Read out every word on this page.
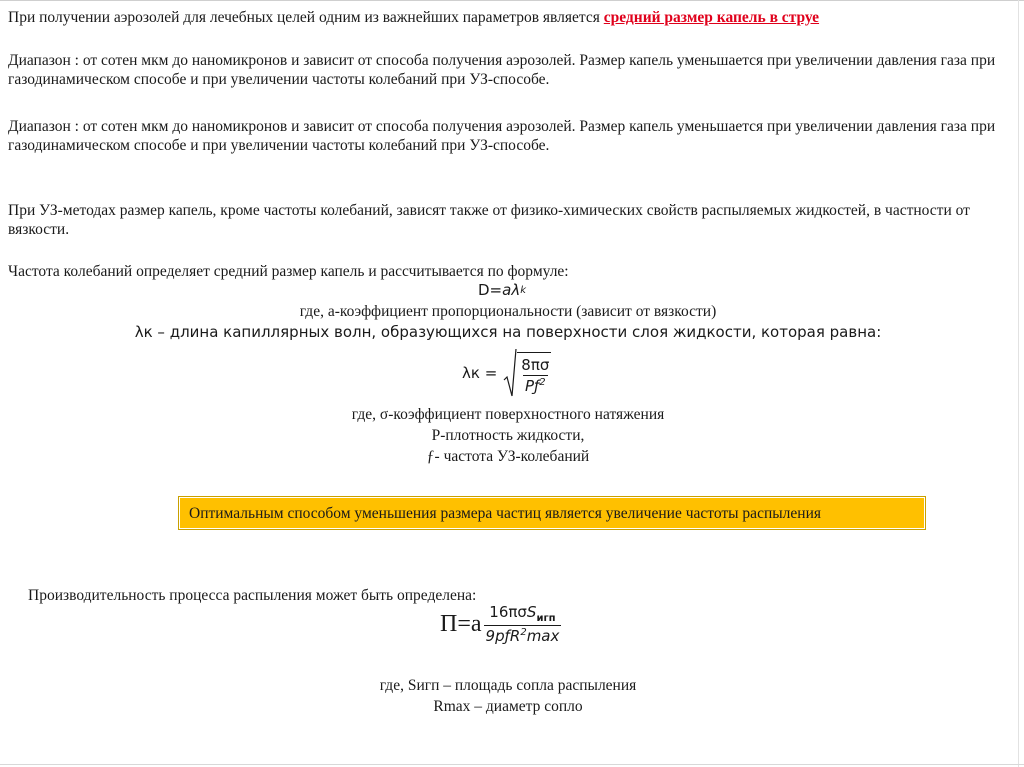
При получении аэрозолей для лечебных целей одним из важнейших параметров является средний размер капель в струе

Диапазон : от сотен мкм до наномикронов и зависит от способа получения аэрозолей. Размер капель уменьшается при увеличении давления газа при газодинамическом способе и при увеличении частоты колебаний при УЗ-способе.

Диапазон : от сотен мкм до наномикронов и зависит от способа получения аэрозолей. Размер капель уменьшается при увеличении давления газа при газодинамическом способе и при увеличении частоты колебаний при УЗ-способе.

При УЗ-методах размер капель, кроме частоты колебаний, зависят также от физико-химических свойств распыляемых жидкостей, в частности от вязкости.

Частота колебаний определяет средний размер капель и рассчитывается по формуле:

D= a λ k

где, а-коэффициент пропорциональности (зависит от вязкости)

λк – длина капиллярных волн, образующихся на поверхности слоя жидкости, которая равна:

$\lambda к = \frac{8\pi\sigma}{Pƒ^2}$

где, σ-коэффициент поверхностного натяжения

Р-плотность жидкости,

ƒ- частота УЗ-колебаний

Оптимальным способом уменьшения размера частиц является увеличение частоты распыления

Производительность процесса распыления может быть определена:

$П=а \frac{16\pi\sigma S_{игп}}{9pƒR^2\max}$

где, Sигп – площадь сопла распыления

Rmax – диаметр сопло
